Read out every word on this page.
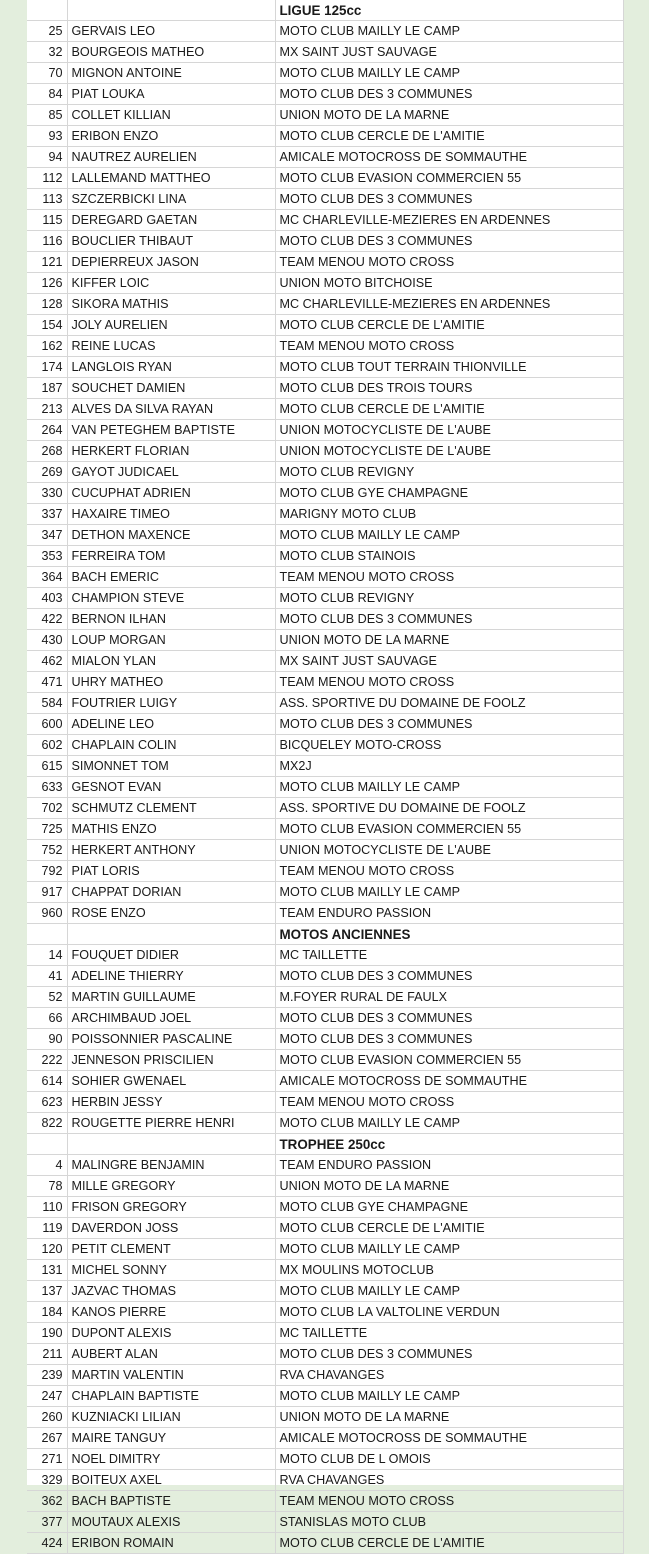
		LIGUE 125cc
25	GERVAIS LEO	MOTO CLUB MAILLY LE CAMP
32	BOURGEOIS MATHEO	MX SAINT JUST SAUVAGE
70	MIGNON ANTOINE	MOTO CLUB MAILLY LE CAMP
84	PIAT LOUKA	MOTO CLUB DES 3 COMMUNES
85	COLLET KILLIAN	UNION MOTO DE LA MARNE
93	ERIBON ENZO	MOTO CLUB CERCLE DE L'AMITIE
94	NAUTREZ AURELIEN	AMICALE MOTOCROSS DE SOMMAUTHE
112	LALLEMAND MATTHEO	MOTO CLUB EVASION COMMERCIEN 55
113	SZCZERBICKI LINA	MOTO CLUB DES 3 COMMUNES
115	DEREGARD GAETAN	MC CHARLEVILLE-MEZIERES EN ARDENNES
116	BOUCLIER THIBAUT	MOTO CLUB DES 3 COMMUNES
121	DEPIERREUX JASON	TEAM MENOU MOTO CROSS
126	KIFFER LOIC	UNION MOTO BITCHOISE
128	SIKORA MATHIS	MC CHARLEVILLE-MEZIERES EN ARDENNES
154	JOLY AURELIEN	MOTO CLUB CERCLE DE L'AMITIE
162	REINE LUCAS	TEAM MENOU MOTO CROSS
174	LANGLOIS RYAN	MOTO CLUB TOUT TERRAIN THIONVILLE
187	SOUCHET DAMIEN	MOTO CLUB DES TROIS TOURS
213	ALVES DA SILVA RAYAN	MOTO CLUB CERCLE DE L'AMITIE
264	VAN PETEGHEM BAPTISTE	UNION MOTOCYCLISTE DE L'AUBE
268	HERKERT FLORIAN	UNION MOTOCYCLISTE DE L'AUBE
269	GAYOT JUDICAEL	MOTO CLUB REVIGNY
330	CUCUPHAT ADRIEN	MOTO CLUB GYE CHAMPAGNE
337	HAXAIRE TIMEO	MARIGNY MOTO CLUB
347	DETHON MAXENCE	MOTO CLUB MAILLY LE CAMP
353	FERREIRA TOM	MOTO CLUB STAINOIS
364	BACH EMERIC	TEAM MENOU MOTO CROSS
403	CHAMPION STEVE	MOTO CLUB REVIGNY
422	BERNON ILHAN	MOTO CLUB DES 3 COMMUNES
430	LOUP MORGAN	UNION MOTO DE LA MARNE
462	MIALON YLAN	MX SAINT JUST SAUVAGE
471	UHRY MATHEO	TEAM MENOU MOTO CROSS
584	FOUTRIER LUIGY	ASS. SPORTIVE DU DOMAINE DE FOOLZ
600	ADELINE LEO	MOTO CLUB DES 3 COMMUNES
602	CHAPLAIN COLIN	BICQUELEY MOTO-CROSS
615	SIMONNET TOM	MX2J
633	GESNOT EVAN	MOTO CLUB MAILLY LE CAMP
702	SCHMUTZ CLEMENT	ASS. SPORTIVE DU DOMAINE DE FOOLZ
725	MATHIS ENZO	MOTO CLUB EVASION COMMERCIEN 55
752	HERKERT ANTHONY	UNION MOTOCYCLISTE DE L'AUBE
792	PIAT LORIS	TEAM MENOU MOTO CROSS
917	CHAPPAT DORIAN	MOTO CLUB MAILLY LE CAMP
960	ROSE ENZO	TEAM ENDURO PASSION
		MOTOS ANCIENNES
14	FOUQUET DIDIER	MC TAILLETTE
41	ADELINE THIERRY	MOTO CLUB DES 3 COMMUNES
52	MARTIN GUILLAUME	M.FOYER RURAL DE FAULX
66	ARCHIMBAUD JOEL	MOTO CLUB DES 3 COMMUNES
90	POISSONNIER PASCALINE	MOTO CLUB DES 3 COMMUNES
222	JENNESON PRISCILIEN	MOTO CLUB EVASION COMMERCIEN 55
614	SOHIER GWENAEL	AMICALE MOTOCROSS DE SOMMAUTHE
623	HERBIN JESSY	TEAM MENOU MOTO CROSS
822	ROUGETTE PIERRE HENRI	MOTO CLUB MAILLY LE CAMP
		TROPHEE 250cc
4	MALINGRE BENJAMIN	TEAM ENDURO PASSION
78	MILLE GREGORY	UNION MOTO DE LA MARNE
110	FRISON GREGORY	MOTO CLUB GYE CHAMPAGNE
119	DAVERDON JOSS	MOTO CLUB CERCLE DE L'AMITIE
120	PETIT CLEMENT	MOTO CLUB MAILLY LE CAMP
131	MICHEL SONNY	MX MOULINS MOTOCLUB
137	JAZVAC THOMAS	MOTO CLUB MAILLY LE CAMP
184	KANOS PIERRE	MOTO CLUB LA VALTOLINE VERDUN
190	DUPONT ALEXIS	MC TAILLETTE
211	AUBERT ALAN	MOTO CLUB DES 3 COMMUNES
239	MARTIN VALENTIN	RVA CHAVANGES
247	CHAPLAIN BAPTISTE	MOTO CLUB MAILLY LE CAMP
260	KUZNIACKI LILIAN	UNION MOTO DE LA MARNE
267	MAIRE TANGUY	AMICALE MOTOCROSS DE SOMMAUTHE
271	NOEL DIMITRY	MOTO CLUB DE L OMOIS
329	BOITEUX AXEL	RVA CHAVANGES
362	BACH BAPTISTE	TEAM MENOU MOTO CROSS
377	MOUTAUX ALEXIS	STANISLAS MOTO CLUB
424	ERIBON ROMAIN	MOTO CLUB CERCLE DE L'AMITIE
